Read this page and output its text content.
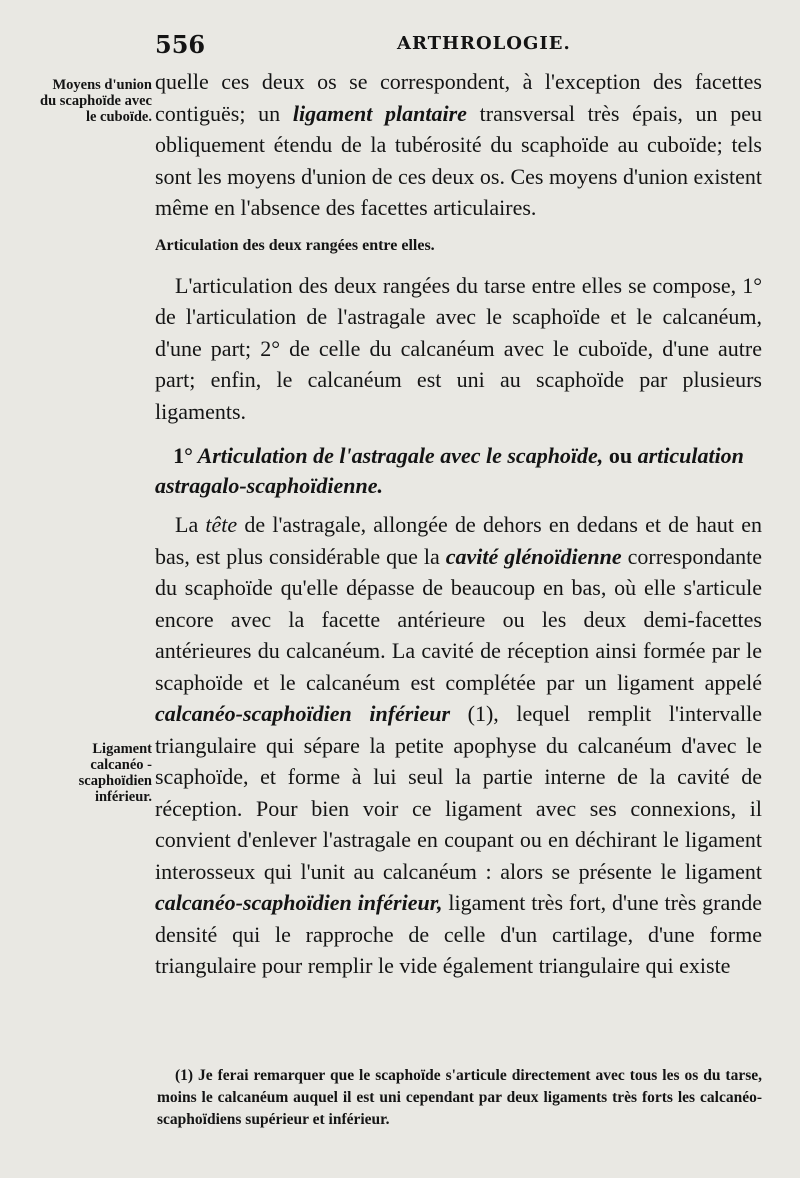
556	ARTHROLOGIE.
Moyens d'union du scaphoïde avec le cuboïde.
Ligament calcanéo - scaphoïdien inférieur.

quelle ces deux os se correspondent, à l'exception des facettes contiguës; un ligament plantaire transversal très épais, un peu obliquement étendu de la tubérosité du scaphoïde au cuboïde; tels sont les moyens d'union de ces deux os. Ces moyens d'union existent même en l'absence des facettes articulaires.

Articulation des deux rangées entre elles.

L'articulation des deux rangées du tarse entre elles se compose, 1° de l'articulation de l'astragale avec le scaphoïde et le calcanéum, d'une part; 2° de celle du calcanéum avec le cuboïde, d'une autre part; enfin, le calcanéum est uni au scaphoïde par plusieurs ligaments.

1° Articulation de l'astragale avec le scaphoïde, ou articulation astragalo-scaphoïdienne.

La tête de l'astragale, allongée de dehors en dedans et de haut en bas, est plus considérable que la cavité glénoïdienne correspondante du scaphoïde qu'elle dépasse de beaucoup en bas, où elle s'articule encore avec la facette antérieure ou les deux demi-facettes antérieures du calcanéum. La cavité de réception ainsi formée par le scaphoïde et le calcanéum est complétée par un ligament appelé calcanéo-scaphoïdien inférieur (1), lequel remplit l'intervalle triangulaire qui sépare la petite apophyse du calcanéum d'avec le scaphoïde, et forme à lui seul la partie interne de la cavité de réception. Pour bien voir ce ligament avec ses connexions, il convient d'enlever l'astragale en coupant ou en déchirant le ligament interosseux qui l'unit au calcanéum : alors se présente le ligament calcanéo-scaphoïdien inférieur, ligament très fort, d'une très grande densité qui le rapproche de celle d'un cartilage, d'une forme triangulaire pour remplir le vide également triangulaire qui existe

(1) Je ferai remarquer que le scaphoïde s'articule directement avec tous les os du tarse, moins le calcanéum auquel il est uni cependant par deux ligaments très forts les calcanéo-scaphoïdiens supérieur et inférieur.
